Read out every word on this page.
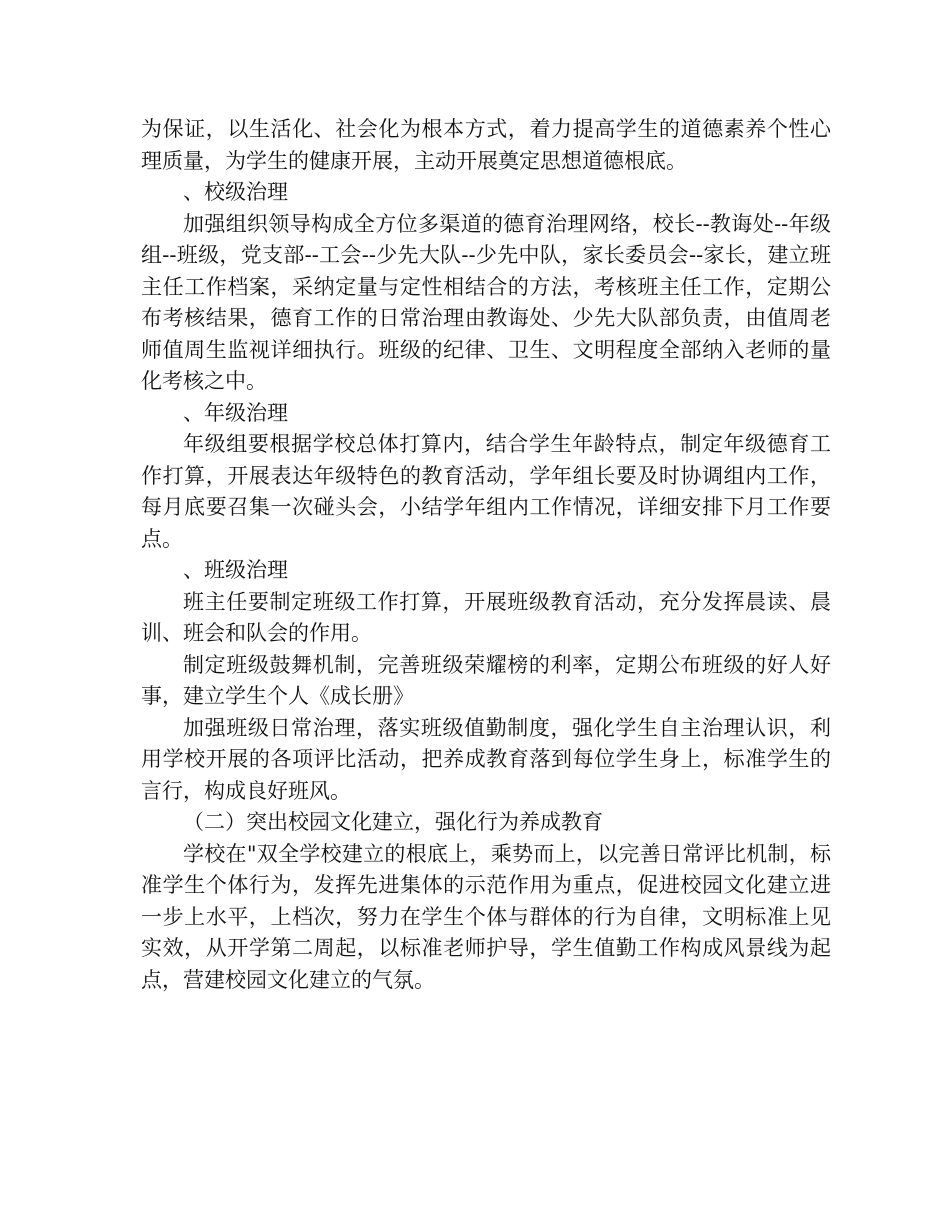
为保证，以生活化、社会化为根本方式，着力提高学生的道德素养个性心理质量，为学生的健康开展，主动开展奠定思想道德根底。

、校级治理

加强组织领导构成全方位多渠道的德育治理网络，校长--教诲处--年级组--班级，党支部--工会--少先大队--少先中队，家长委员会--家长，建立班主任工作档案，采纳定量与定性相结合的方法，考核班主任工作，定期公布考核结果，德育工作的日常治理由教诲处、少先大队部负责，由值周老师值周生监视详细执行。班级的纪律、卫生、文明程度全部纳入老师的量化考核之中。

、年级治理

年级组要根据学校总体打算内，结合学生年龄特点，制定年级德育工作打算，开展表达年级特色的教育活动，学年组长要及时协调组内工作，每月底要召集一次碰头会，小结学年组内工作情况，详细安排下月工作要点。

、班级治理

班主任要制定班级工作打算，开展班级教育活动，充分发挥晨读、晨训、班会和队会的作用。

制定班级鼓舞机制，完善班级荣耀榜的利率，定期公布班级的好人好事，建立学生个人《成长册》

加强班级日常治理，落实班级值勤制度，强化学生自主治理认识，利用学校开展的各项评比活动，把养成教育落到每位学生身上，标准学生的言行，构成良好班风。

（二）突出校园文化建立，强化行为养成教育

学校在"双全学校建立的根底上，乘势而上，以完善日常评比机制，标准学生个体行为，发挥先进集体的示范作用为重点，促进校园文化建立进一步上水平，上档次，努力在学生个体与群体的行为自律，文明标准上见实效，从开学第二周起，以标准老师护导，学生值勤工作构成风景线为起点，营建校园文化建立的气氛。
